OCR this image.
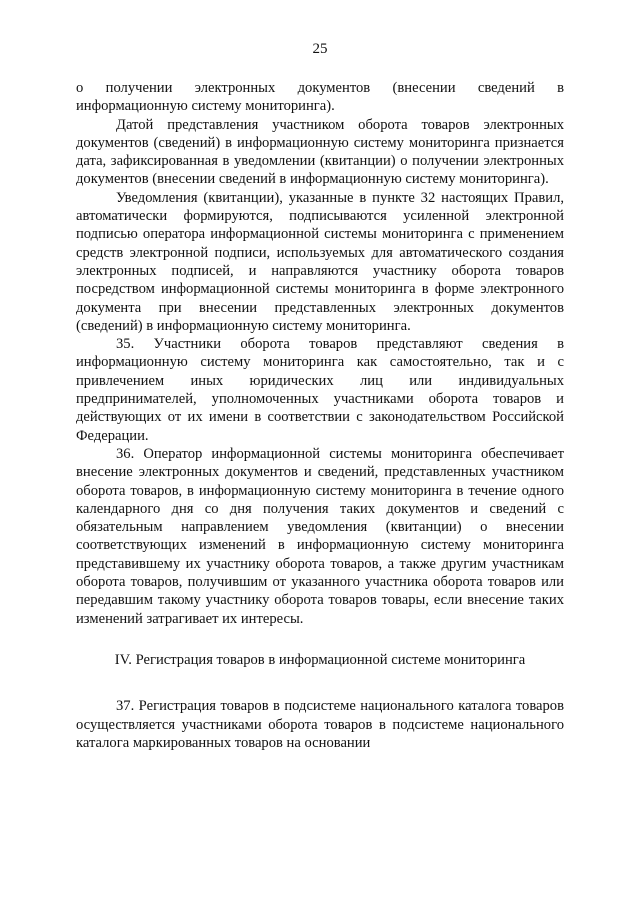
25

о получении электронных документов (внесении сведений в информационную систему мониторинга).

Датой представления участником оборота товаров электронных документов (сведений) в информационную систему мониторинга признается дата, зафиксированная в уведомлении (квитанции) о получении электронных документов (внесении сведений в информационную систему мониторинга).

Уведомления (квитанции), указанные в пункте 32 настоящих Правил, автоматически формируются, подписываются усиленной электронной подписью оператора информационной системы мониторинга с применением средств электронной подписи, используемых для автоматического создания электронных подписей, и направляются участнику оборота товаров посредством информационной системы мониторинга в форме электронного документа при внесении представленных электронных документов (сведений) в информационную систему мониторинга.

35. Участники оборота товаров представляют сведения в информационную систему мониторинга как самостоятельно, так и с привлечением иных юридических лиц или индивидуальных предпринимателей, уполномоченных участниками оборота товаров и действующих от их имени в соответствии с законодательством Российской Федерации.

36. Оператор информационной системы мониторинга обеспечивает внесение электронных документов и сведений, представленных участником оборота товаров, в информационную систему мониторинга в течение одного календарного дня со дня получения таких документов и сведений с обязательным направлением уведомления (квитанции) о внесении соответствующих изменений в информационную систему мониторинга представившему их участнику оборота товаров, а также другим участникам оборота товаров, получившим от указанного участника оборота товаров или передавшим такому участнику оборота товаров товары, если внесение таких изменений затрагивает их интересы.

IV. Регистрация товаров в информационной системе мониторинга

37. Регистрация товаров в подсистеме национального каталога товаров осуществляется участниками оборота товаров в подсистеме национального каталога маркированных товаров на основании
